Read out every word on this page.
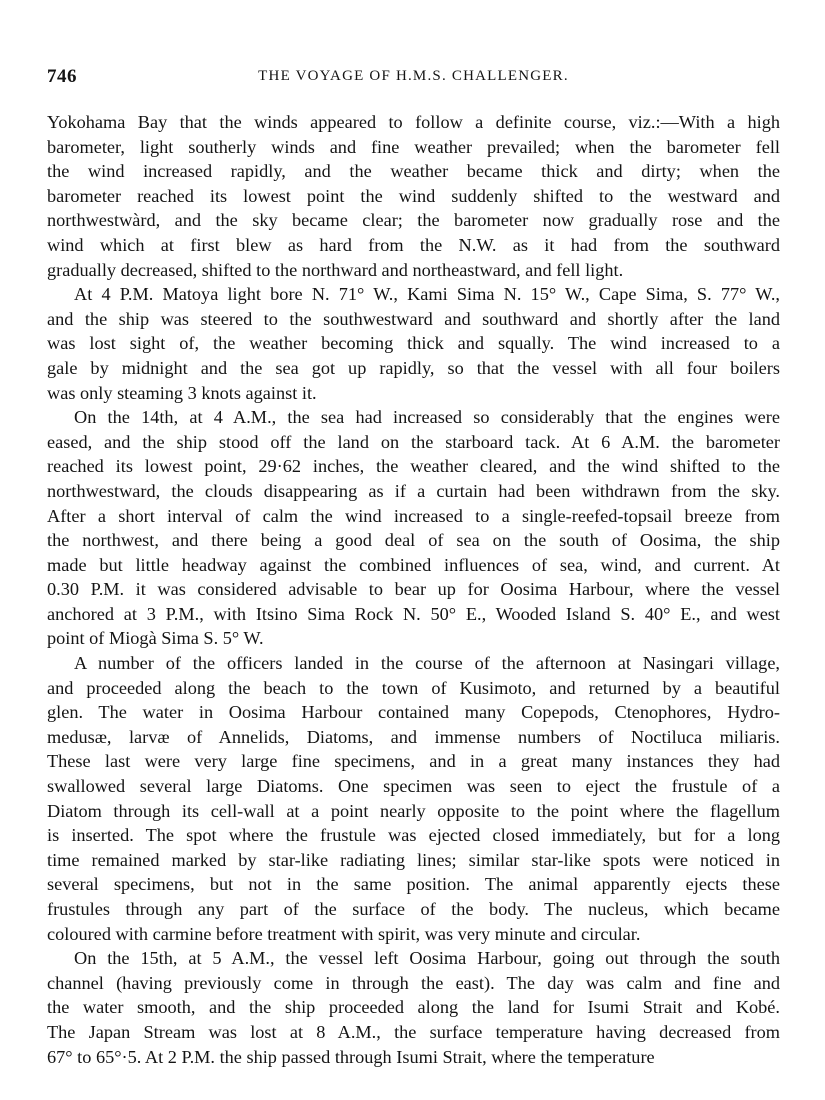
746	THE VOYAGE OF H.M.S. CHALLENGER.
Yokohama Bay that the winds appeared to follow a definite course, viz.:—With a high
barometer, light southerly winds and fine weather prevailed; when the barometer fell
the wind increased rapidly, and the weather became thick and dirty; when the
barometer reached its lowest point the wind suddenly shifted to the westward and
northwestwàrd, and the sky became clear; the barometer now gradually rose and the
wind which at first blew as hard from the N.W. as it had from the southward
gradually decreased, shifted to the northward and northeastward, and fell light.
At 4 P.M. Matoya light bore N. 71° W., Kami Sima N. 15° W., Cape Sima, S. 77° W.,
and the ship was steered to the southwestward and southward and shortly after the land
was lost sight of, the weather becoming thick and squally. The wind increased to a
gale by midnight and the sea got up rapidly, so that the vessel with all four boilers
was only steaming 3 knots against it.
On the 14th, at 4 A.M., the sea had increased so considerably that the engines were
eased, and the ship stood off the land on the starboard tack. At 6 A.M. the barometer
reached its lowest point, 29·62 inches, the weather cleared, and the wind shifted to the
northwestward, the clouds disappearing as if a curtain had been withdrawn from the sky.
After a short interval of calm the wind increased to a single-reefed-topsail breeze from
the northwest, and there being a good deal of sea on the south of Oosima, the ship
made but little headway against the combined influences of sea, wind, and current. At
0.30 P.M. it was considered advisable to bear up for Oosima Harbour, where the vessel
anchored at 3 P.M., with Itsino Sima Rock N. 50° E., Wooded Island S. 40° E., and west
point of Miogà Sima S. 5° W.
A number of the officers landed in the course of the afternoon at Nasingari village,
and proceeded along the beach to the town of Kusimoto, and returned by a beautiful
glen. The water in Oosima Harbour contained many Copepods, Ctenophores, Hydro-
medusæ, larvæ of Annelids, Diatoms, and immense numbers of Noctiluca miliaris.
These last were very large fine specimens, and in a great many instances they had
swallowed several large Diatoms. One specimen was seen to eject the frustule of a
Diatom through its cell-wall at a point nearly opposite to the point where the flagellum
is inserted. The spot where the frustule was ejected closed immediately, but for a long
time remained marked by star-like radiating lines; similar star-like spots were noticed in
several specimens, but not in the same position. The animal apparently ejects these
frustules through any part of the surface of the body. The nucleus, which became
coloured with carmine before treatment with spirit, was very minute and circular.
On the 15th, at 5 A.M., the vessel left Oosima Harbour, going out through the south
channel (having previously come in through the east). The day was calm and fine and
the water smooth, and the ship proceeded along the land for Isumi Strait and Kobé.
The Japan Stream was lost at 8 A.M., the surface temperature having decreased from
67° to 65°·5. At 2 P.M. the ship passed through Isumi Strait, where the temperature
